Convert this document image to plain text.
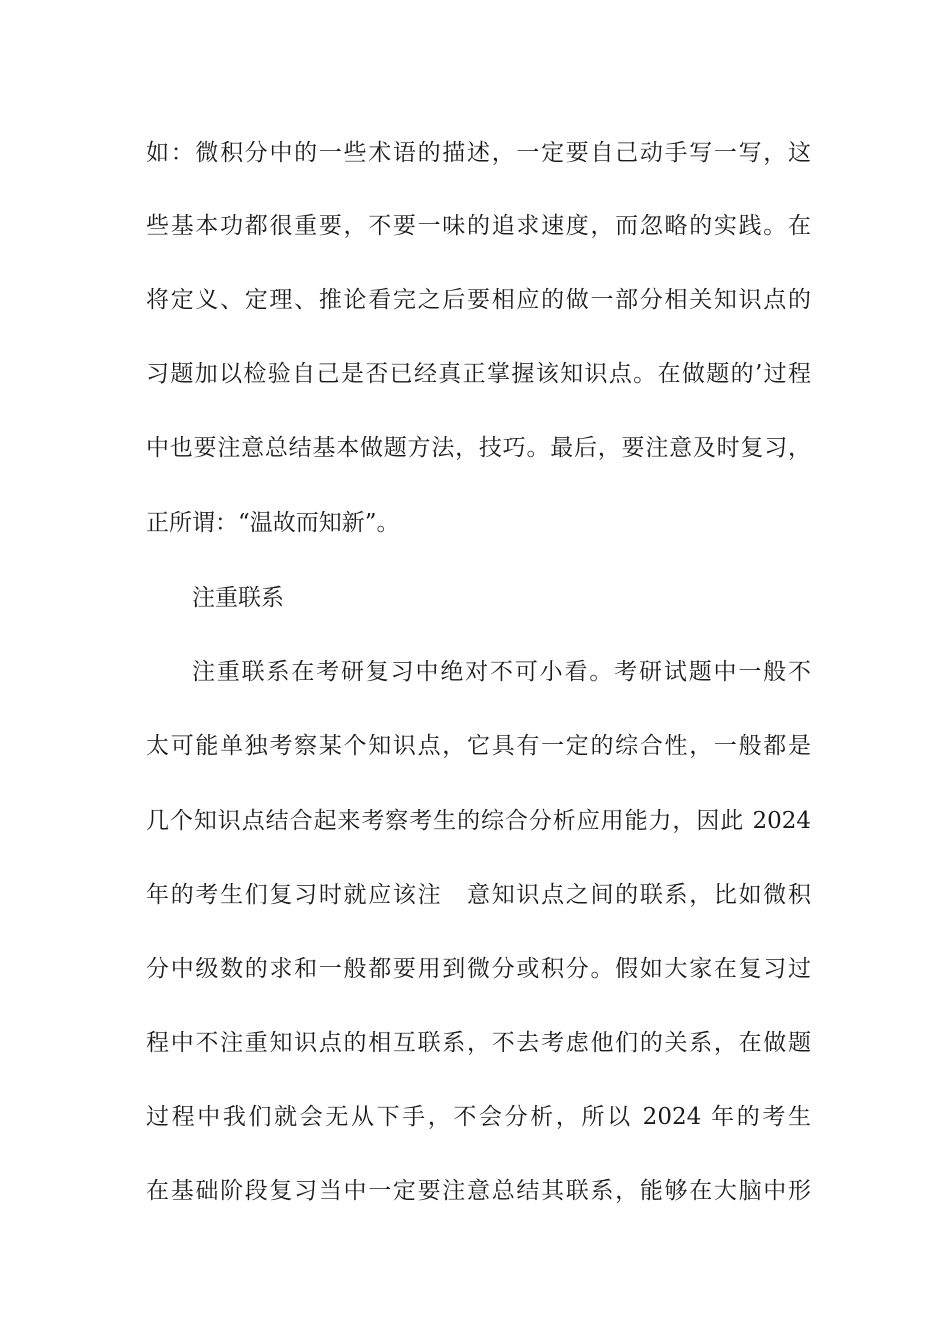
如：微积分中的一些术语的描述，一定要自己动手写一写，这
些基本功都很重要，不要一味的追求速度，而忽略的实践。在
将定义、定理、推论看完之后要相应的做一部分相关知识点的
习题加以检验自己是否已经真正掌握该知识点。在做题的’过程
中也要注意总结基本做题方法，技巧。最后，要注意及时复习，
正所谓：“温故而知新”。
注重联系
注重联系在考研复习中绝对不可小看。考研试题中一般不
太可能单独考察某个知识点，它具有一定的综合性，一般都是
几个知识点结合起来考察考生的综合分析应用能力，因此 2024
年的考生们复习时就应该注　意知识点之间的联系，比如微积
分中级数的求和一般都要用到微分或积分。假如大家在复习过
程中不注重知识点的相互联系，不去考虑他们的关系，在做题
过程中我们就会无从下手，不会分析，所以 2024 年的考生
在基础阶段复习当中一定要注意总结其联系，能够在大脑中形
